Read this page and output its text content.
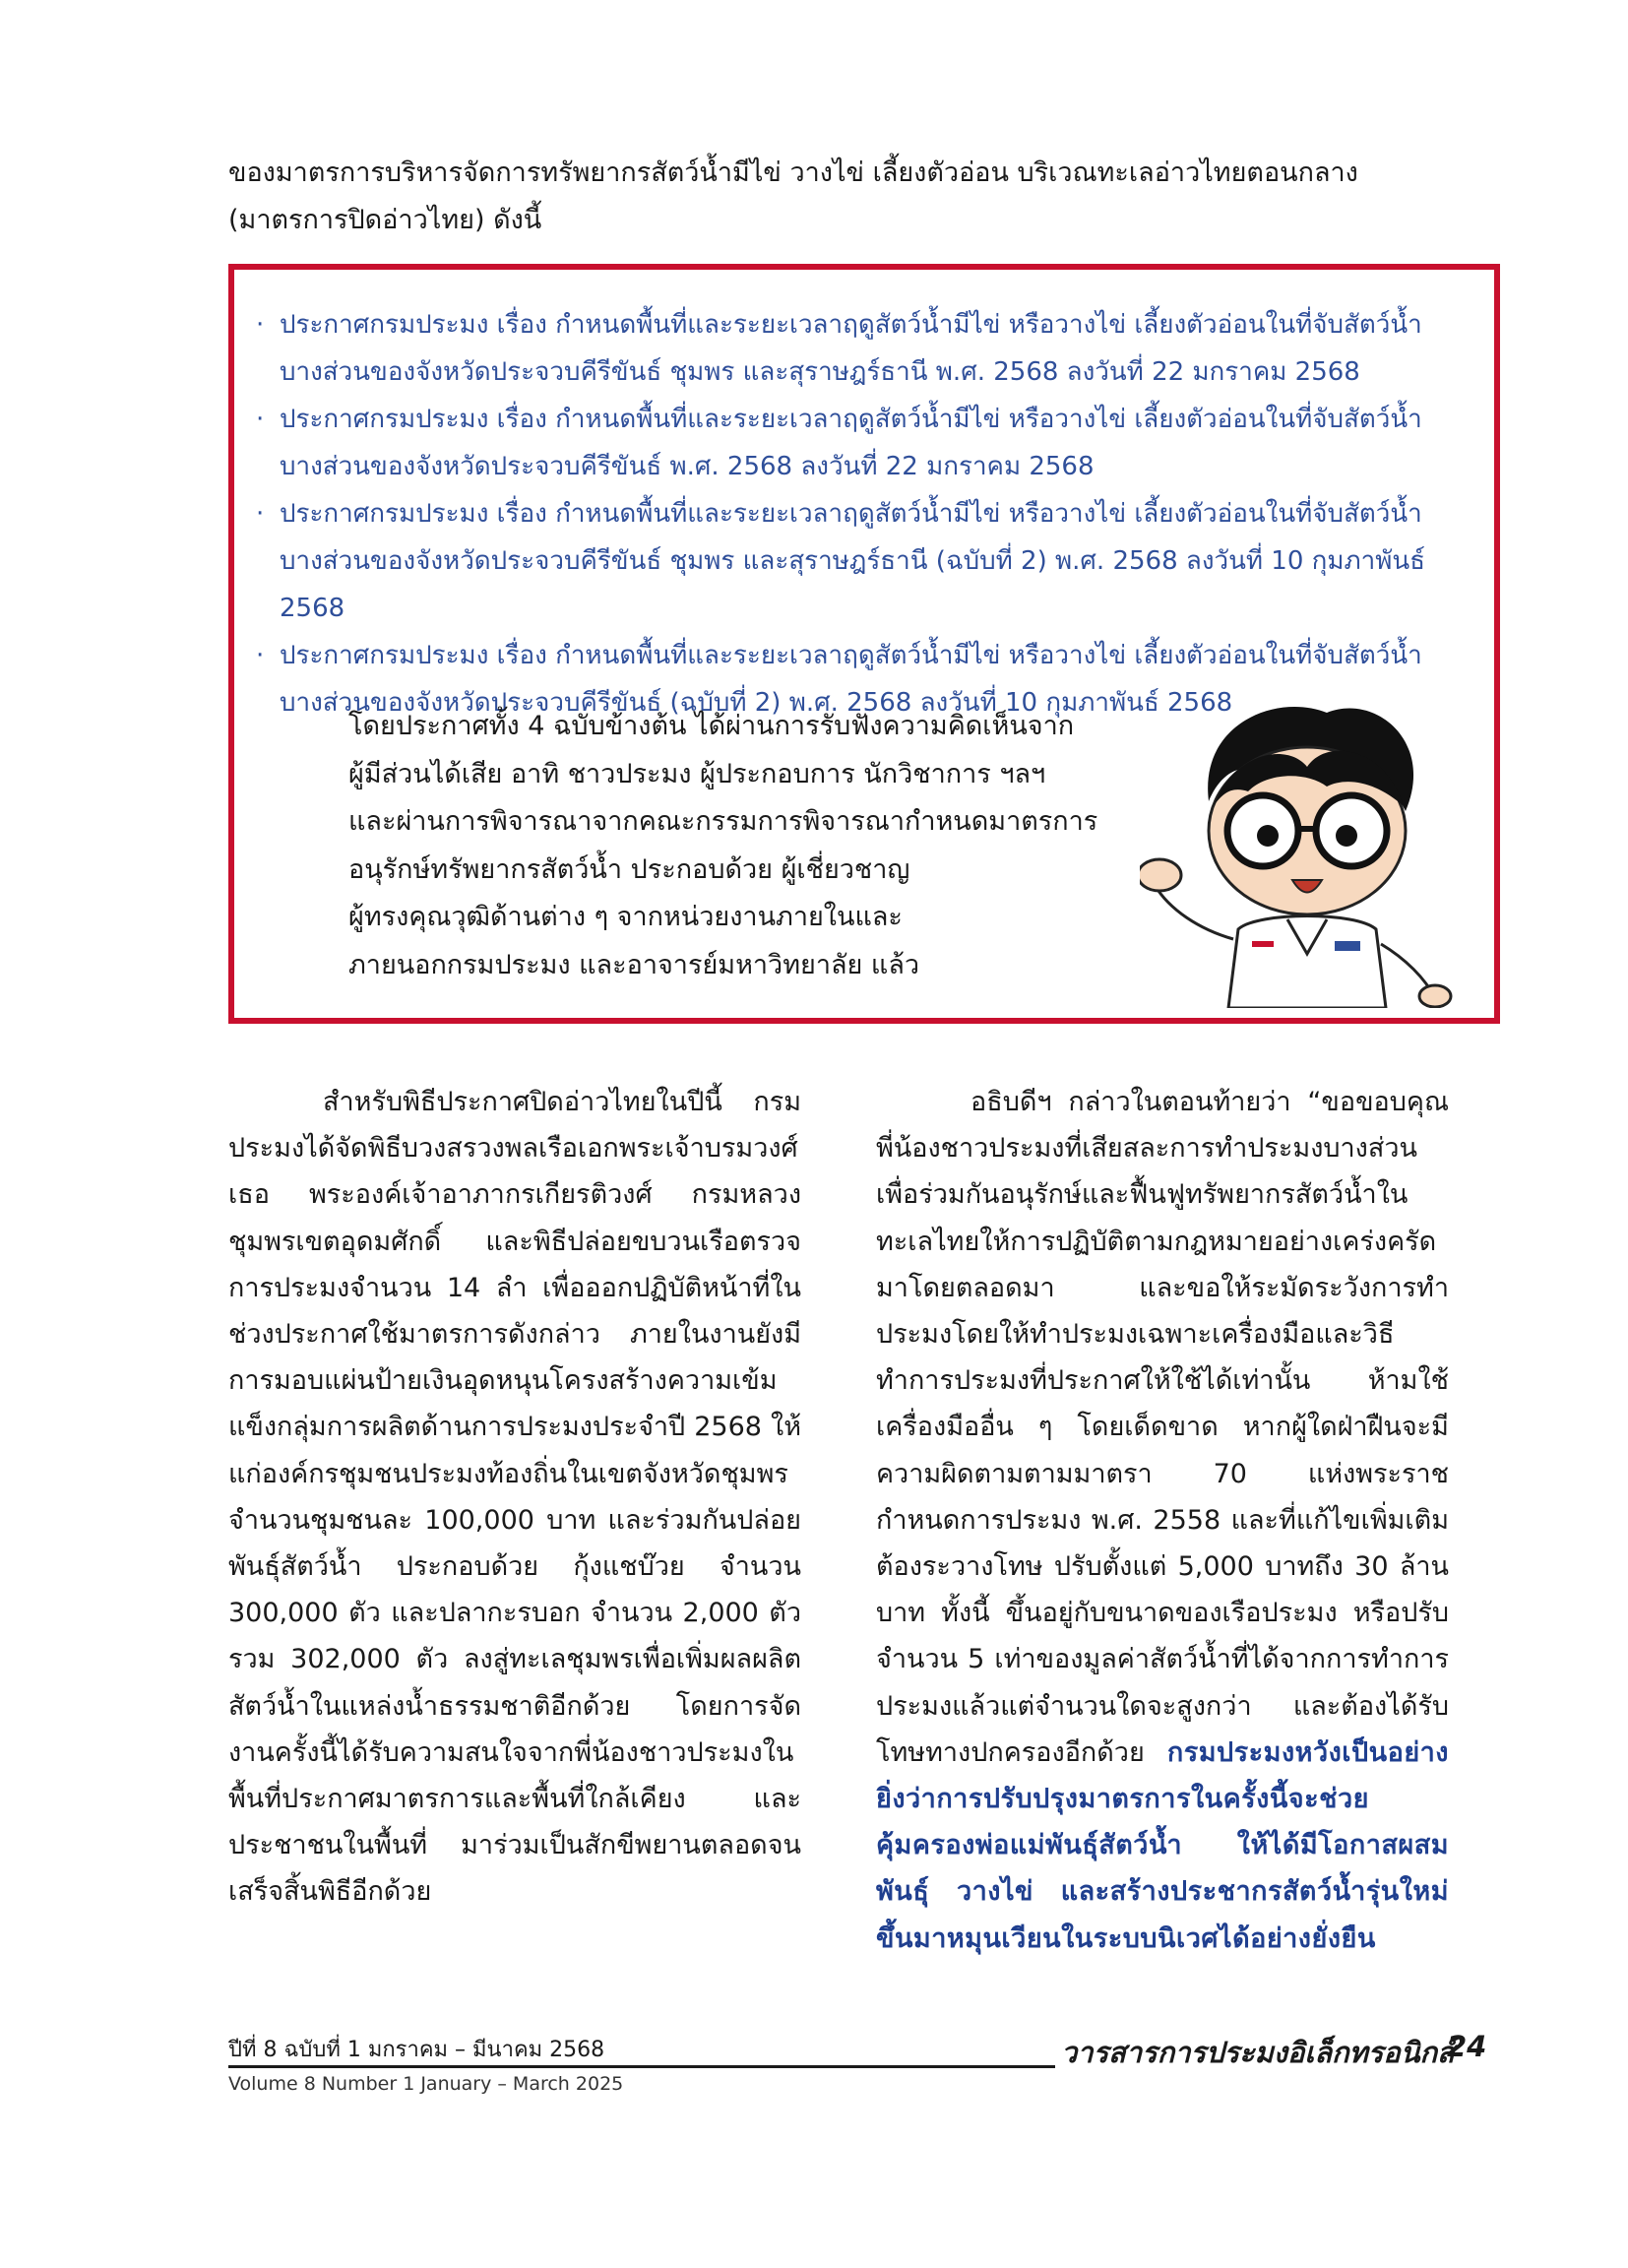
ของมาตรการบริหารจัดการทรัพยากรสัตว์น้ำมีไข่ วางไข่ เลี้ยงตัวอ่อน บริเวณทะเลอ่าวไทยตอนกลาง

(มาตรการปิดอ่าวไทย) ดังนี้

· ประกาศกรมประมง เรื่อง กำหนดพื้นที่และระยะเวลาฤดูสัตว์น้ำมีไข่ หรือวางไข่ เลี้ยงตัวอ่อนในที่จับสัตว์น้ำ
บางส่วนของจังหวัดประจวบคีรีขันธ์ ชุมพร และสุราษฎร์ธานี พ.ศ. 2568 ลงวันที่ 22 มกราคม 2568
· ประกาศกรมประมง เรื่อง กำหนดพื้นที่และระยะเวลาฤดูสัตว์น้ำมีไข่ หรือวางไข่ เลี้ยงตัวอ่อนในที่จับสัตว์น้ำ
บางส่วนของจังหวัดประจวบคีรีขันธ์ พ.ศ. 2568 ลงวันที่ 22 มกราคม 2568
· ประกาศกรมประมง เรื่อง กำหนดพื้นที่และระยะเวลาฤดูสัตว์น้ำมีไข่ หรือวางไข่ เลี้ยงตัวอ่อนในที่จับสัตว์น้ำ
บางส่วนของจังหวัดประจวบคีรีขันธ์ ชุมพร และสุราษฎร์ธานี (ฉบับที่ 2) พ.ศ. 2568 ลงวันที่ 10 กุมภาพันธ์ 2568
· ประกาศกรมประมง เรื่อง กำหนดพื้นที่และระยะเวลาฤดูสัตว์น้ำมีไข่ หรือวางไข่ เลี้ยงตัวอ่อนในที่จับสัตว์น้ำ
บางส่วนของจังหวัดประจวบคีรีขันธ์ (ฉบับที่ 2) พ.ศ. 2568 ลงวันที่ 10 กุมภาพันธ์ 2568

โดยประกาศทั้ง 4 ฉบับข้างต้น ได้ผ่านการรับฟังความคิดเห็นจาก

ผู้มีส่วนได้เสีย อาทิ ชาวประมง ผู้ประกอบการ นักวิชาการ ฯลฯ

และผ่านการพิจารณาจากคณะกรรมการพิจารณากำหนดมาตรการ

อนุรักษ์ทรัพยากรสัตว์น้ำ ประกอบด้วย ผู้เชี่ยวชาญ

ผู้ทรงคุณวุฒิด้านต่าง ๆ จากหน่วยงานภายในและ

ภายนอกกรมประมง และอาจารย์มหาวิทยาลัย แล้ว

สำหรับพิธีประกาศปิดอ่าวไทยในปีนี้ กรมประมงได้จัดพิธีบวงสรวงพลเรือเอกพระเจ้าบรมวงศ์เธอ พระองค์เจ้าอาภากรเกียรติวงศ์ กรมหลวงชุมพรเขตอุดมศักดิ์ และพิธีปล่อยขบวนเรือตรวจการประมงจำนวน 14 ลำ เพื่อออกปฏิบัติหน้าที่ในช่วงประกาศใช้มาตรการดังกล่าว ภายในงานยังมีการมอบแผ่นป้ายเงินอุดหนุนโครงสร้างความเข้มแข็งกลุ่มการผลิตด้านการประมงประจำปี 2568 ให้แก่องค์กรชุมชนประมงท้องถิ่นในเขตจังหวัดชุมพร จำนวนชุมชนละ 100,000 บาท และร่วมกันปล่อยพันธุ์สัตว์น้ำ ประกอบด้วย กุ้งแชบ๊วย จำนวน 300,000 ตัว และปลากะรบอก จำนวน 2,000 ตัว รวม 302,000 ตัว ลงสู่ทะเลชุมพรเพื่อเพิ่มผลผลิตสัตว์น้ำในแหล่งน้ำธรรมชาติอีกด้วย โดยการจัดงานครั้งนี้ได้รับความสนใจจากพี่น้องชาวประมงในพื้นที่ประกาศมาตรการและพื้นที่ใกล้เคียง และประชาชนในพื้นที่ มาร่วมเป็นสักขีพยานตลอดจนเสร็จสิ้นพิธีอีกด้วย

อธิบดีฯ กล่าวในตอนท้ายว่า “ขอขอบคุณพี่น้องชาวประมงที่เสียสละการทำประมงบางส่วน เพื่อร่วมกันอนุรักษ์และฟื้นฟูทรัพยากรสัตว์น้ำในทะเลไทยให้การปฏิบัติตามกฎหมายอย่างเคร่งครัดมาโดยตลอดมา และขอให้ระมัดระวังการทำประมงโดยให้ทำประมงเฉพาะเครื่องมือและวิธีทำการประมงที่ประกาศให้ใช้ได้เท่านั้น ห้ามใช้เครื่องมืออื่น ๆ โดยเด็ดขาด หากผู้ใดฝ่าฝืนจะมีความผิดตามตามมาตรา 70 แห่งพระราชกำหนดการประมง พ.ศ. 2558 และที่แก้ไขเพิ่มเติม ต้องระวางโทษ ปรับตั้งแต่ 5,000 บาทถึง 30 ล้านบาท ทั้งนี้ ขึ้นอยู่กับขนาดของเรือประมง หรือปรับจำนวน 5 เท่าของมูลค่าสัตว์น้ำที่ได้จากการทำการประมงแล้วแต่จำนวนใดจะสูงกว่า และต้องได้รับโทษทางปกครองอีกด้วย กรมประมงหวังเป็นอย่างยิ่งว่าการปรับปรุงมาตรการในครั้งนี้จะช่วยคุ้มครองพ่อแม่พันธุ์สัตว์น้ำ ให้ได้มีโอกาสผสมพันธุ์ วางไข่ และสร้างประชากรสัตว์น้ำรุ่นใหม่ขึ้นมาหมุนเวียนในระบบนิเวศได้อย่างยั่งยืน

ปีที่ 8 ฉบับที่ 1 มกราคม – มีนาคม 2568
Volume 8 Number 1 January – March 2025
วารสารการประมงอิเล็กทรอนิกส์
24
